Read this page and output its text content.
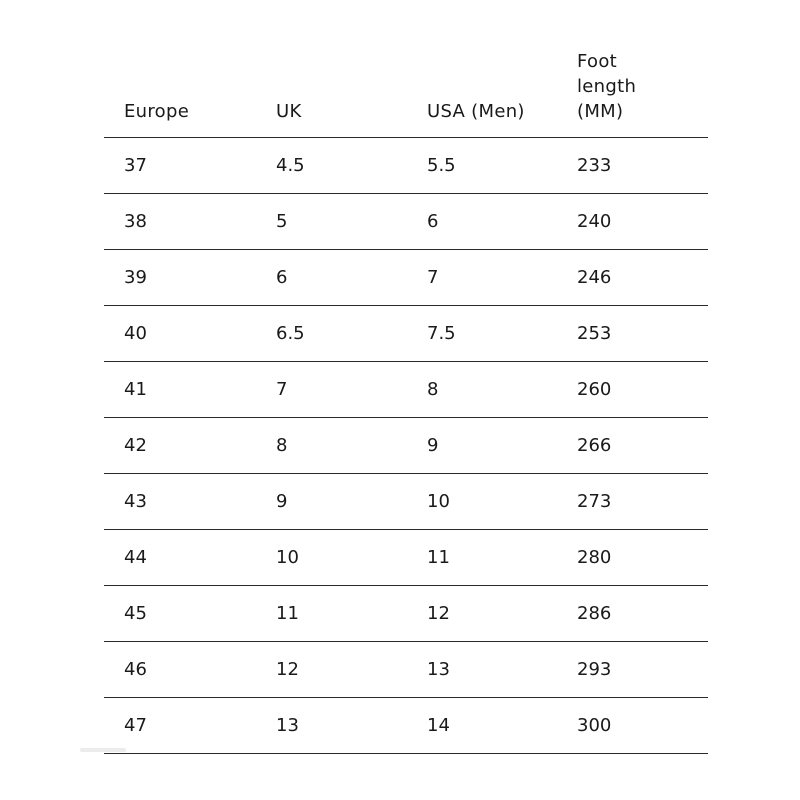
Europe	UK	USA (Men)	Foot
length
(MM)

37	4.5	5.5	233
38	5	6	240
39	6	7	246
40	6.5	7.5	253
41	7	8	260
42	8	9	266
43	9	10	273
44	10	11	280
45	11	12	286
46	12	13	293
47	13	14	300
